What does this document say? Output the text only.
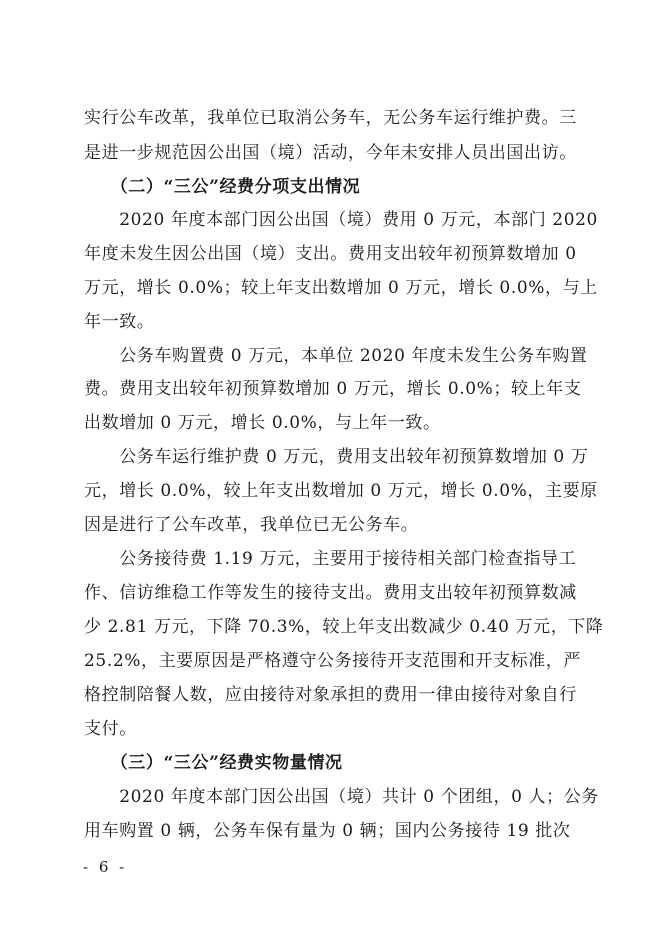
实行公车改革，我单位已取消公务车，无公务车运行维护费。三
是进一步规范因公出国（境）活动，今年未安排人员出国出访。
　　（二）“三公”经费分项支出情况
　　2020 年度本部门因公出国（境）费用 0 万元，本部门 2020
年度未发生因公出国（境）支出。费用支出较年初预算数增加 0
万元，增长 0.0%；较上年支出数增加 0 万元，增长 0.0%，与上
年一致。
　　公务车购置费 0 万元，本单位 2020 年度未发生公务车购置
费。费用支出较年初预算数增加 0 万元，增长 0.0%；较上年支
出数增加 0 万元，增长 0.0%，与上年一致。
　　公务车运行维护费 0 万元，费用支出较年初预算数增加 0 万
元，增长 0.0%，较上年支出数增加 0 万元，增长 0.0%，主要原
因是进行了公车改革，我单位已无公务车。
　　公务接待费 1.19 万元，主要用于接待相关部门检查指导工
作、信访维稳工作等发生的接待支出。费用支出较年初预算数减
少 2.81 万元，下降 70.3%，较上年支出数减少 0.40 万元，下降
25.2%，主要原因是严格遵守公务接待开支范围和开支标准，严
格控制陪餐人数，应由接待对象承担的费用一律由接待对象自行
支付。
　　（三）“三公”经费实物量情况
　　2020 年度本部门因公出国（境）共计 0 个团组，0 人；公务
用车购置 0 辆，公务车保有量为 0 辆；国内公务接待 19 批次
- 6 -
